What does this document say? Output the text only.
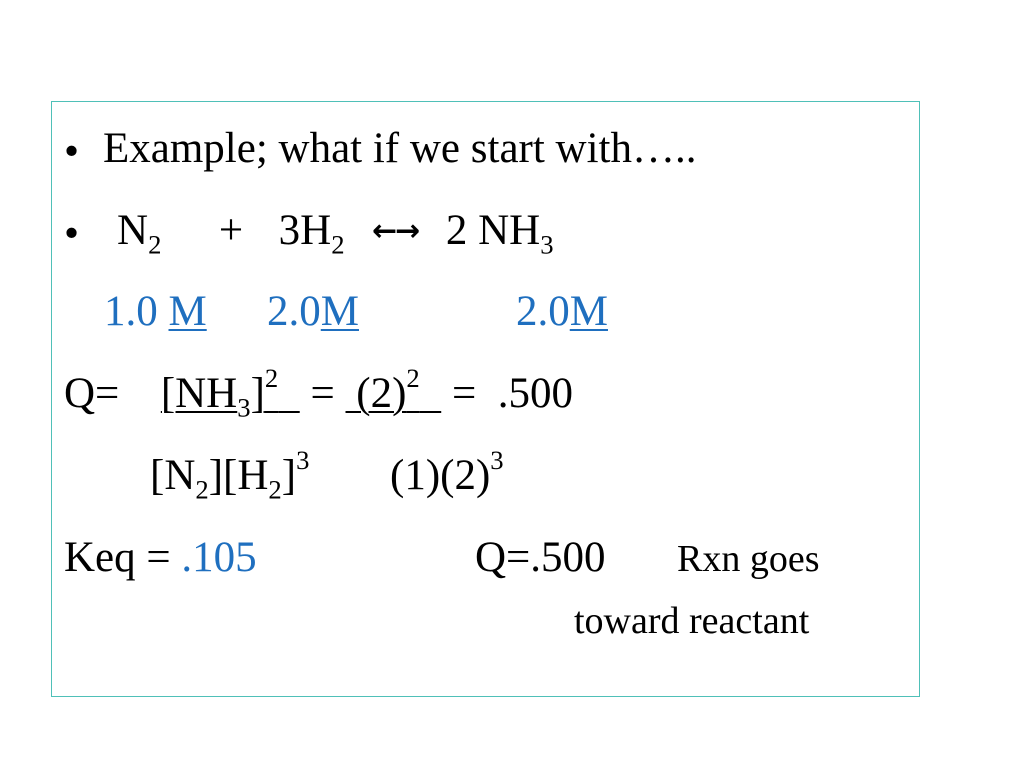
• Example; what if we start with…..
• $N_2 + 3H_2$ ←→ 2 $NH_3$
1.0 M 2.0M	2.0M
$Q= [NH_3]^2 = (2)^2 = .500$
$[N_2][H_2]^3$ $(1)(2)^3$
Keq = .105	Q=.500 Rxn goes
toward reactant
